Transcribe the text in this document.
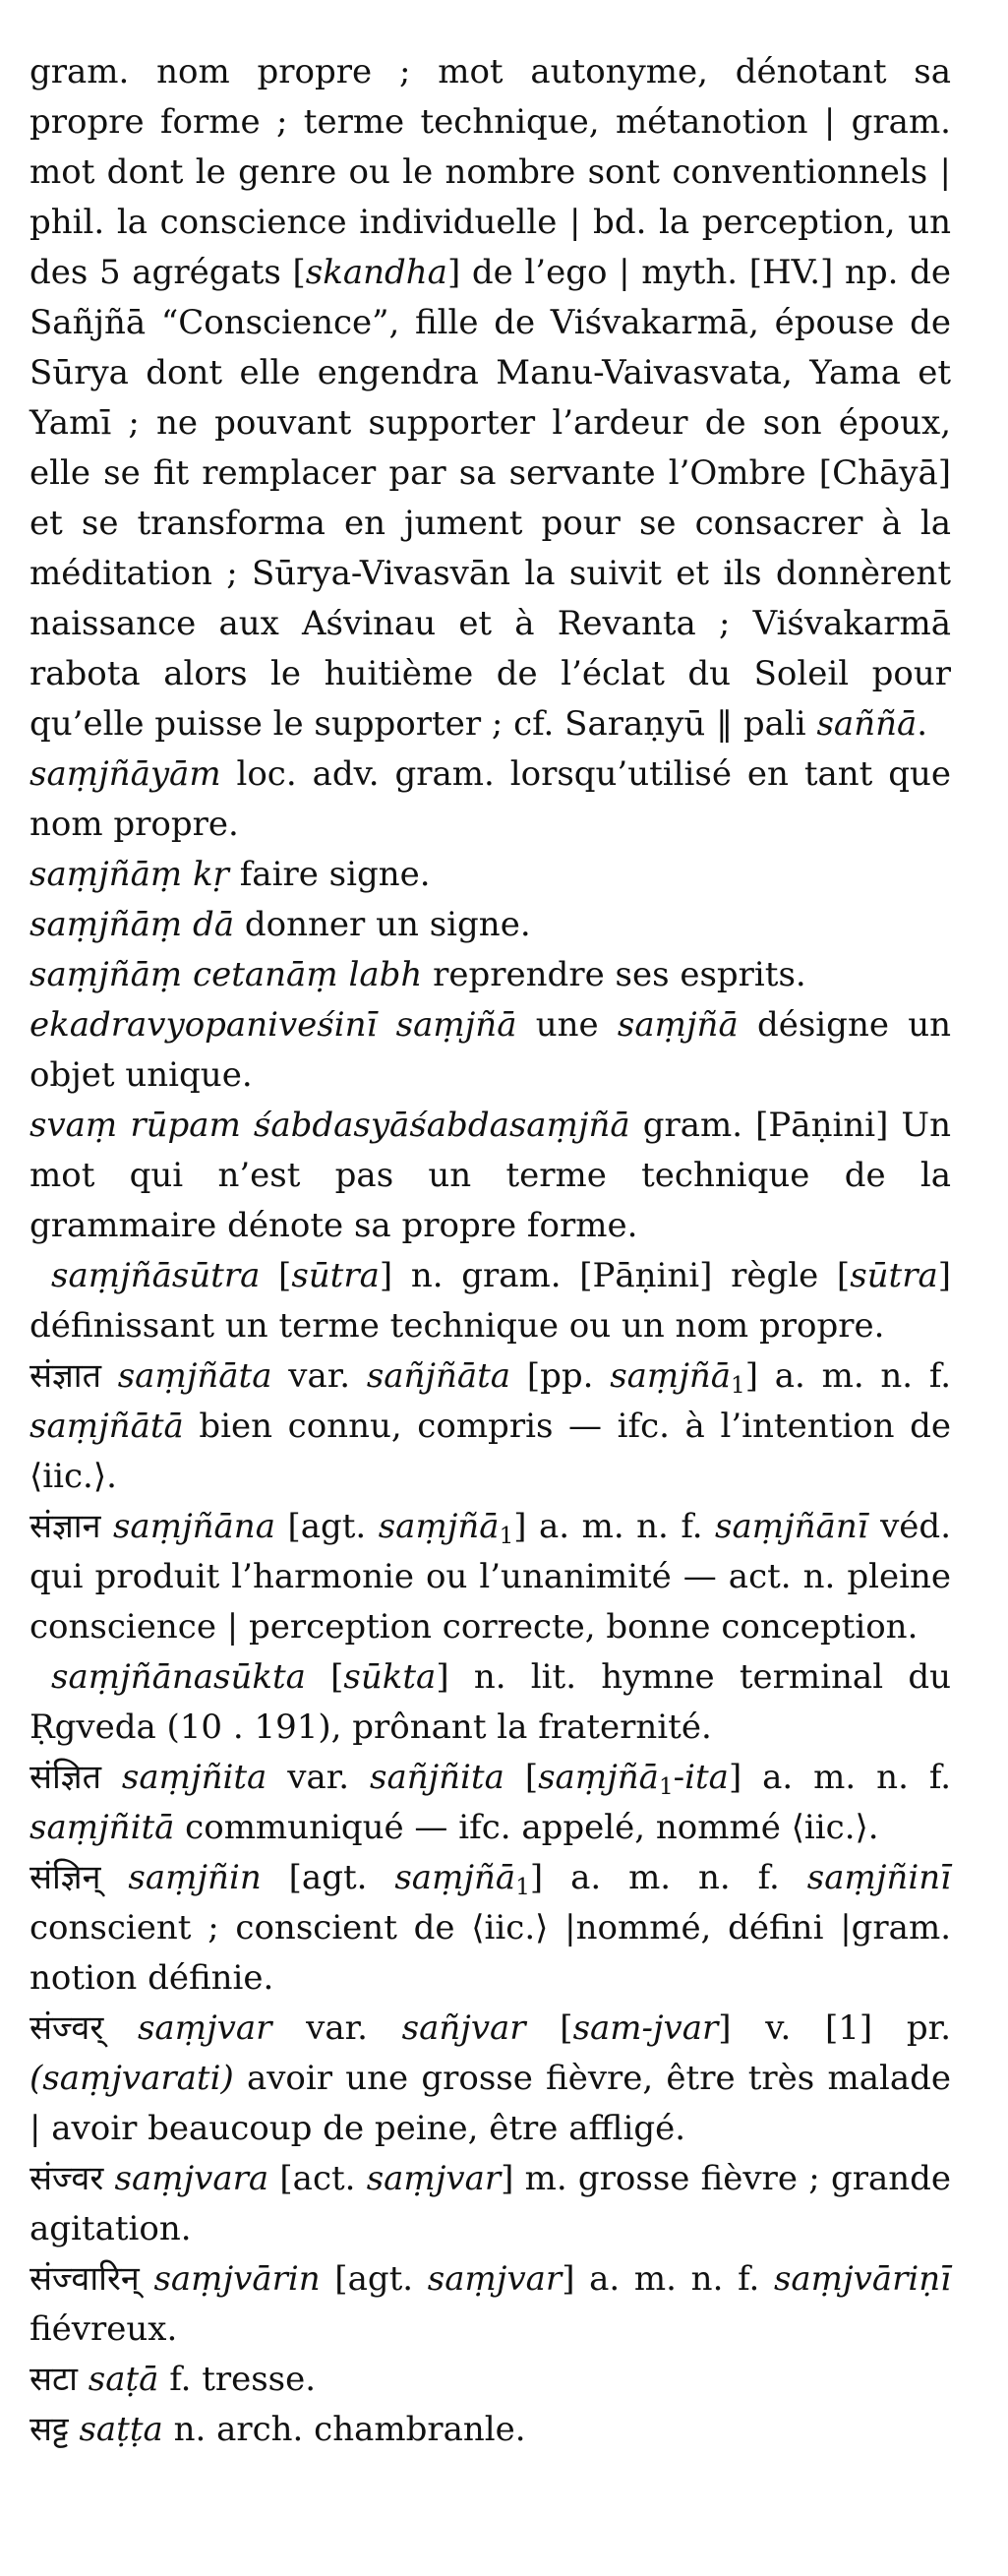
gram. nom propre ; mot autonyme, dénotant sa propre forme ; terme technique, métanotion | gram. mot dont le genre ou le nombre sont conventionnels | phil. la conscience individuelle | bd. la perception, un des 5 agrégats [skandha] de l’ego | myth. [HV.] np. de Sañjñā “Conscience”, fille de Viśvakarmā, épouse de Sūrya dont elle engendra Manu-Vaivasvata, Yama et Yamī ; ne pouvant supporter l’ardeur de son époux, elle se fit remplacer par sa servante l’Ombre [Chāyā] et se transforma en jument pour se consacrer à la méditation ; Sūrya-Vivasvān la suivit et ils donnèrent naissance aux Aśvinau et à Revanta ; Viśvakarmā rabota alors le huitième de l’éclat du Soleil pour qu’elle puisse le supporter ; cf. Saraṇyū ‖ pali saññā.

saṃjñāyām loc. adv. gram. lorsqu’utilisé en tant que nom propre.

saṃjñāṃ kṛ faire signe.

saṃjñāṃ dā donner un signe.

saṃjñāṃ cetanāṃ labh reprendre ses esprits.

ekadravyopaniveśinī saṃjñā une saṃjñā désigne un objet unique.

svaṃ rūpam śabdasyāśabdasaṃjñā gram. [Pāṇini] Un mot qui n’est pas un terme technique de la grammaire dénote sa propre forme.

saṃjñāsūtra [sūtra] n. gram. [Pāṇini] règle [sūtra] définissant un terme technique ou un nom propre.

संज्ञात saṃjñāta var. sañjñāta [pp. saṃjñā$_1$] a. m. n. f. saṃjñātā bien connu, compris — ifc. à l’intention de ⟨iic.⟩.

संज्ञान saṃjñāna [agt. saṃjñā$_1$] a. m. n. f. saṃjñānī véd. qui produit l’harmonie ou l’unanimité — act. n. pleine conscience | perception correcte, bonne conception.

saṃjñānasūkta [sūkta] n. lit. hymne terminal du Ṛgveda (10 . 191), prônant la fraternité.

संज्ञित saṃjñita var. sañjñita [saṃjñā$_1$-ita] a. m. n. f. saṃjñitā communiqué — ifc. appelé, nommé ⟨iic.⟩.

संज्ञिन् saṃjñin [agt. saṃjñā$_1$] a. m. n. f. saṃjñinī conscient ; conscient de ⟨iic.⟩ |nommé, défini |gram. notion définie.

संज्वर् saṃjvar var. sañjvar [sam-jvar] v. [1] pr. (saṃjvarati) avoir une grosse fièvre, être très malade | avoir beaucoup de peine, être affligé.

संज्वर saṃjvara [act. saṃjvar] m. grosse fièvre ; grande agitation.

संज्वारिन् saṃjvārin [agt. saṃjvar] a. m. n. f. saṃjvāriṇī fiévreux.

सटा saṭā f. tresse.

सट्ट saṭṭa n. arch. chambranle.
